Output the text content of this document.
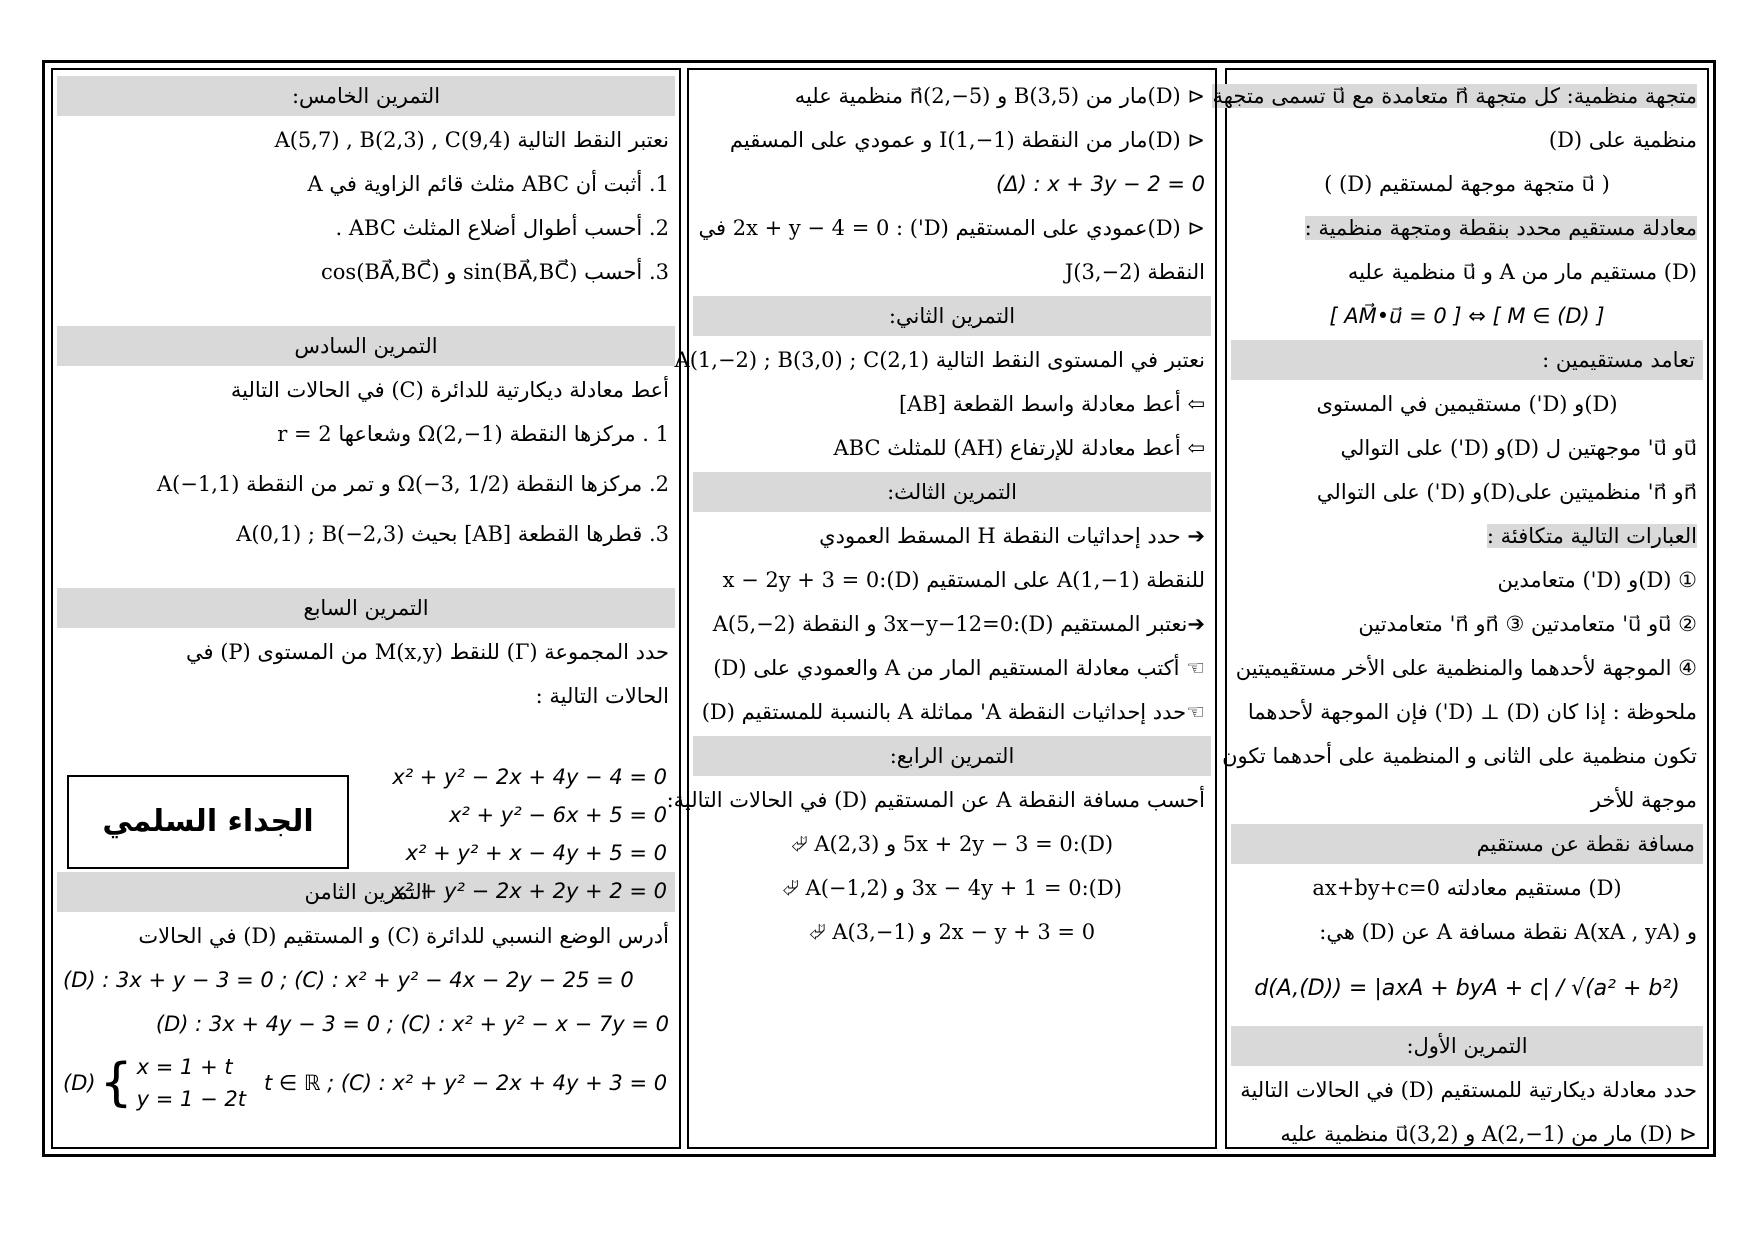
متجهة منظمية: كل متجهة n⃗ متعامدة مع u⃗ تسمى متجهة
منظمية على (D)
( u⃗ متجهة موجهة لمستقيم (D) )
معادلة مستقيم محدد بنقطة ومتجهة منظمية :
(D) مستقيم مار من A و u⃗ منظمية عليه
[ AM⃗•u⃗ = 0 ] ⇔ [ M ∈ (D) ]
تعامد مستقيمين :
(D)و (D') مستقيمين في المستوى
u⃗و u⃗' موجهتين ل (D)و (D') على التوالي
n⃗و n⃗' منظميتين على(D)و (D') على التوالي
العبارات التالية متكافئة :
① (D)و (D') متعامدين
② u⃗و u⃗' متعامدتين ③ n⃗و n⃗' متعامدتين
④ الموجهة لأحدهما والمنظمية على الأخر مستقيميتين
ملحوظة : إذا كان (D) ⊥ (D') فإن الموجهة لأحدهما
تكون منظمية على الثانى و المنظمية على أحدهما تكون
موجهة للأخر
مسافة نقطة عن مستقيم
(D) مستقيم معادلته ax+by+c=0
و A(xA , yA) نقطة مسافة A عن (D) هي:
d(A,(D)) = |axA + byA + c| / √(a² + b²)
التمرين الأول:
حدد معادلة ديكارتية للمستقيم (D) في الحالات التالية
⊲ (D) مار من A(2,−1) و u⃗(3,2) منظمية عليه
⊲ (D)مار من B(3,5) و n⃗(2,−5) منظمية عليه
⊲ (D)مار من النقطة I(1,−1) و عمودي على المسقيم
(Δ) : x + 3y − 2 = 0
⊲ (D)عمودي على المستقيم (D') : 2x + y − 4 = 0 في
النقطة J(3,−2)
التمرين الثاني:
نعتبر في المستوى النقط التالية A(1,−2) ; B(3,0) ; C(2,1)
⇦ أعط معادلة واسط القطعة [AB]
⇦ أعط معادلة للإرتفاع (AH) للمثلث ABC
التمرين الثالث:
➔ حدد إحداثيات النقطة H المسقط العمودي
للنقطة A(1,−1) على المستقيم (D):x − 2y + 3 = 0
➔نعتبر المستقيم (D):3x−y−12=0 و النقطة A(5,−2)
☜ أكتب معادلة المستقيم المار من A والعمودي على (D)
☜حدد إحداثيات النقطة A' مماثلة A بالنسبة للمستقيم (D)
التمرين الرابع:
أحسب مسافة النقطة A عن المستقيم (D) في الحالات التالية:
(D):5x + 2y − 3 = 0 و A(2,3) ⮰
(D):3x − 4y + 1 = 0 و A(−1,2) ⮰
2x − y + 3 = 0 و A(3,−1) ⮰
التمرين الخامس:
نعتبر النقط التالية A(5,7) , B(2,3) , C(9,4)
1. أثبت أن ABC مثلث قائم الزاوية في A
2. أحسب أطوال أضلاع المثلث ABC .
3. أحسب sin(BA⃗,BC⃗) و cos(BA⃗,BC⃗)
التمرين السادس
أعط معادلة ديكارتية للدائرة (C) في الحالات التالية
1 . مركزها النقطة Ω(2,−1) وشعاعها r = 2
2. مركزها النقطة Ω(−3, 1/2) و تمر من النقطة A(−1,1)
3. قطرها القطعة [AB] بحيث A(0,1) ; B(−2,3)
التمرين السابع
حدد المجموعة (Γ) للنقط M(x,y) من المستوى (P) في
الحالات التالية :
التمرين الثامن
أدرس الوضع النسبي للدائرة (C) و المستقيم (D) في الحالات
(D) : 3x + y − 3 = 0 ; (C) : x² + y² − 4x − 2y − 25 = 0
(D) : 3x + 4y − 3 = 0 ; (C) : x² + y² − x − 7y = 0
(D) { x = 1 + t
y = 1 − 2t
t ∈ ℝ ; (C) : x² + y² − 2x + 4y + 3 = 0
x² + y² − 2x + 4y − 4 = 0
x² + y² − 6x + 5 = 0
x² + y² + x − 4y + 5 = 0
x² + y² − 2x + 2y + 2 = 0
الجداء السلمي
